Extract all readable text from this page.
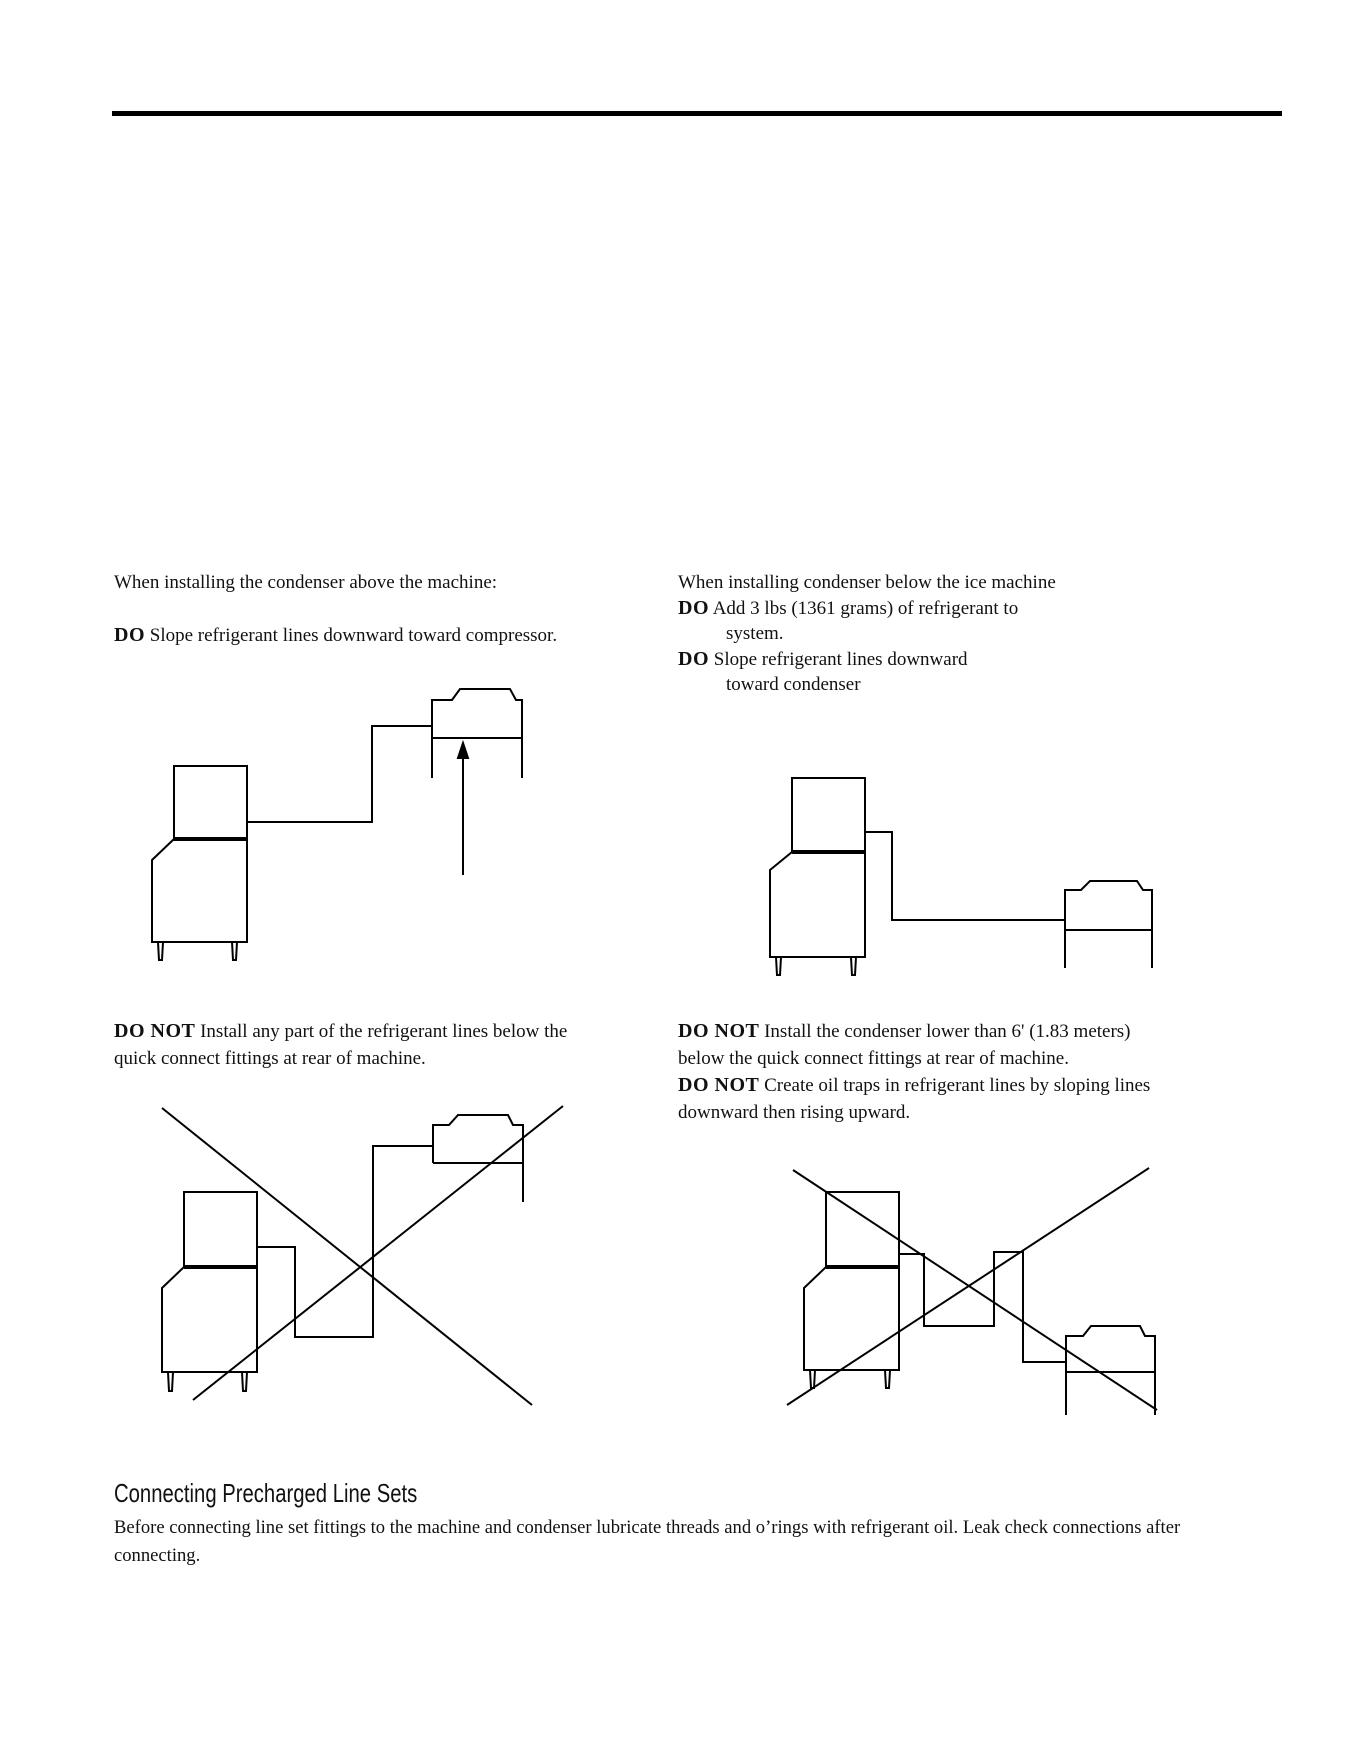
When installing the condenser above the machine:
DO Slope refrigerant lines downward toward compressor.
When installing condenser below the ice machine
DO Add 3 lbs (1361 grams) of refrigerant to
system.
DO Slope refrigerant lines downward
toward condenser
DO NOT Install any part of the refrigerant lines below the
quick connect fittings at rear of machine.
DO NOT Install the condenser lower than 6' (1.83 meters)
below the quick connect fittings at rear of machine.
DO NOT Create oil traps in refrigerant lines by sloping lines
downward then rising upward.
Connecting Precharged Line Sets
Before connecting line set fittings to the machine and condenser lubricate threads and o’rings with refrigerant oil. Leak check connections after connecting.
